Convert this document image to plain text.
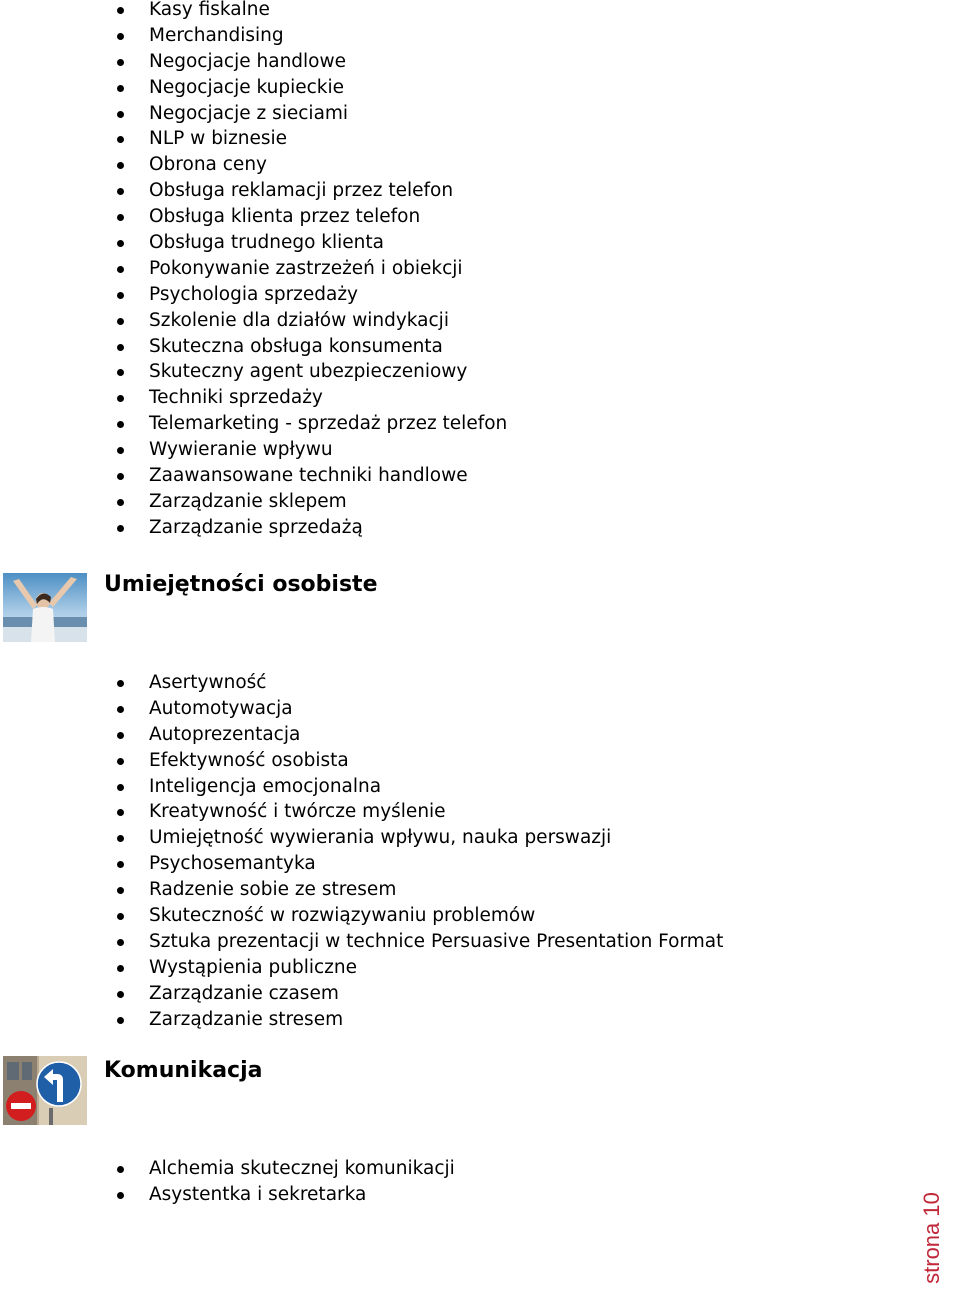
Kasy fiskalne
Merchandising
Negocjacje handlowe
Negocjacje kupieckie
Negocjacje z sieciami
NLP w biznesie
Obrona ceny
Obsługa reklamacji przez telefon
Obsługa klienta przez telefon
Obsługa trudnego klienta
Pokonywanie zastrzeżeń i obiekcji
Psychologia sprzedaży
Szkolenie dla działów windykacji
Skuteczna obsługa konsumenta
Skuteczny agent ubezpieczeniowy
Techniki sprzedaży
Telemarketing - sprzedaż przez telefon
Wywieranie wpływu
Zaawansowane techniki handlowe
Zarządzanie sklepem
Zarządzanie sprzedażą
Umiejętności osobiste
Asertywność
Automotywacja
Autoprezentacja
Efektywność osobista
Inteligencja emocjonalna
Kreatywność i twórcze myślenie
Umiejętność wywierania wpływu, nauka perswazji
Psychosemantyka
Radzenie sobie ze stresem
Skuteczność w rozwiązywaniu problemów
Sztuka prezentacji w technice Persuasive Presentation Format
Wystąpienia publiczne
Zarządzanie czasem
Zarządzanie stresem
Komunikacja
Alchemia skutecznej komunikacji
Asystentka i sekretarka	strona 10
